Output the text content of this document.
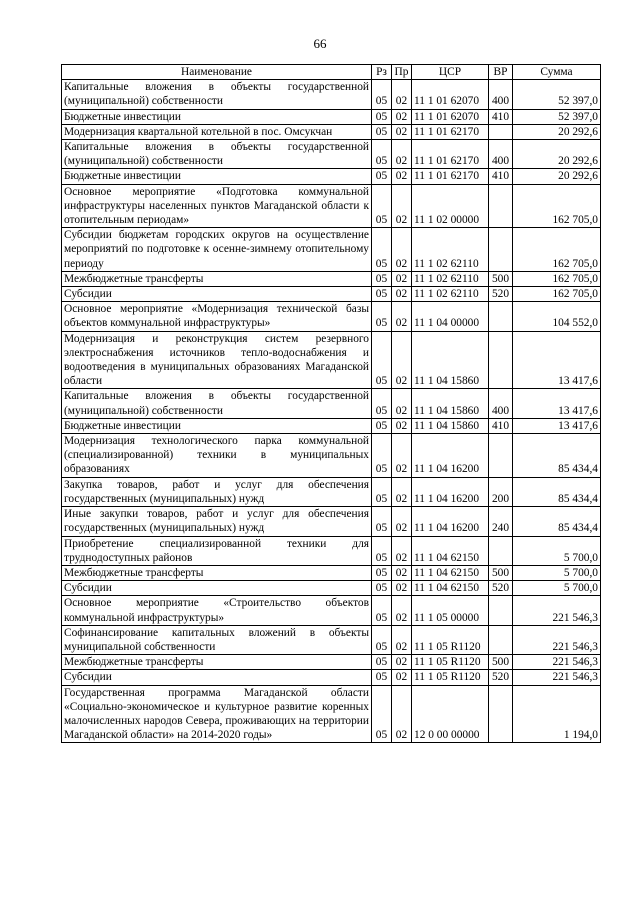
66
Наименование	Рз	Пр	ЦСР	ВР	Сумма
Капитальные вложения в объекты государственной (муниципальной) собственности	05	02	11 1 01 62070	400	52 397,0
Бюджетные инвестиции	05	02	11 1 01 62070	410	52 397,0
Модернизация квартальной котельной в пос. Омсукчан	05	02	11 1 01 62170		20 292,6
Капитальные вложения в объекты государственной (муниципальной) собственности	05	02	11 1 01 62170	400	20 292,6
Бюджетные инвестиции	05	02	11 1 01 62170	410	20 292,6
Основное мероприятие «Подготовка коммунальной инфраструктуры населенных пунктов Магаданской области к отопительным периодам»	05	02	11 1 02 00000		162 705,0
Субсидии бюджетам городских округов на осуществление мероприятий по подготовке к осенне-зимнему отопительному периоду	05	02	11 1 02 62110		162 705,0
Межбюджетные трансферты	05	02	11 1 02 62110	500	162 705,0
Субсидии	05	02	11 1 02 62110	520	162 705,0
Основное мероприятие «Модернизация технической базы объектов коммунальной инфраструктуры»	05	02	11 1 04 00000		104 552,0
Модернизация и реконструкция систем резервного электроснабжения источников тепло-водоснабжения и водоотведения в муниципальных образованиях Магаданской области	05	02	11 1 04 15860		13 417,6
Капитальные вложения в объекты государственной (муниципальной) собственности	05	02	11 1 04 15860	400	13 417,6
Бюджетные инвестиции	05	02	11 1 04 15860	410	13 417,6
Модернизация технологического парка коммунальной (специализированной) техники в муниципальных образованиях	05	02	11 1 04 16200		85 434,4
Закупка товаров, работ и услуг для обеспечения государственных (муниципальных) нужд	05	02	11 1 04 16200	200	85 434,4
Иные закупки товаров, работ и услуг для обеспечения государственных (муниципальных) нужд	05	02	11 1 04 16200	240	85 434,4
Приобретение специализированной техники для труднодоступных районов	05	02	11 1 04 62150		5 700,0
Межбюджетные трансферты	05	02	11 1 04 62150	500	5 700,0
Субсидии	05	02	11 1 04 62150	520	5 700,0
Основное мероприятие «Строительство объектов коммунальной инфраструктуры»	05	02	11 1 05 00000		221 546,3
Софинансирование капитальных вложений в объекты муниципальной собственности	05	02	11 1 05 R1120		221 546,3
Межбюджетные трансферты	05	02	11 1 05 R1120	500	221 546,3
Субсидии	05	02	11 1 05 R1120	520	221 546,3
Государственная программа Магаданской области «Социально-экономическое и культурное развитие коренных малочисленных народов Севера, проживающих на территории Магаданской области» на 2014-2020 годы»	05	02	12 0 00 00000		1 194,0
